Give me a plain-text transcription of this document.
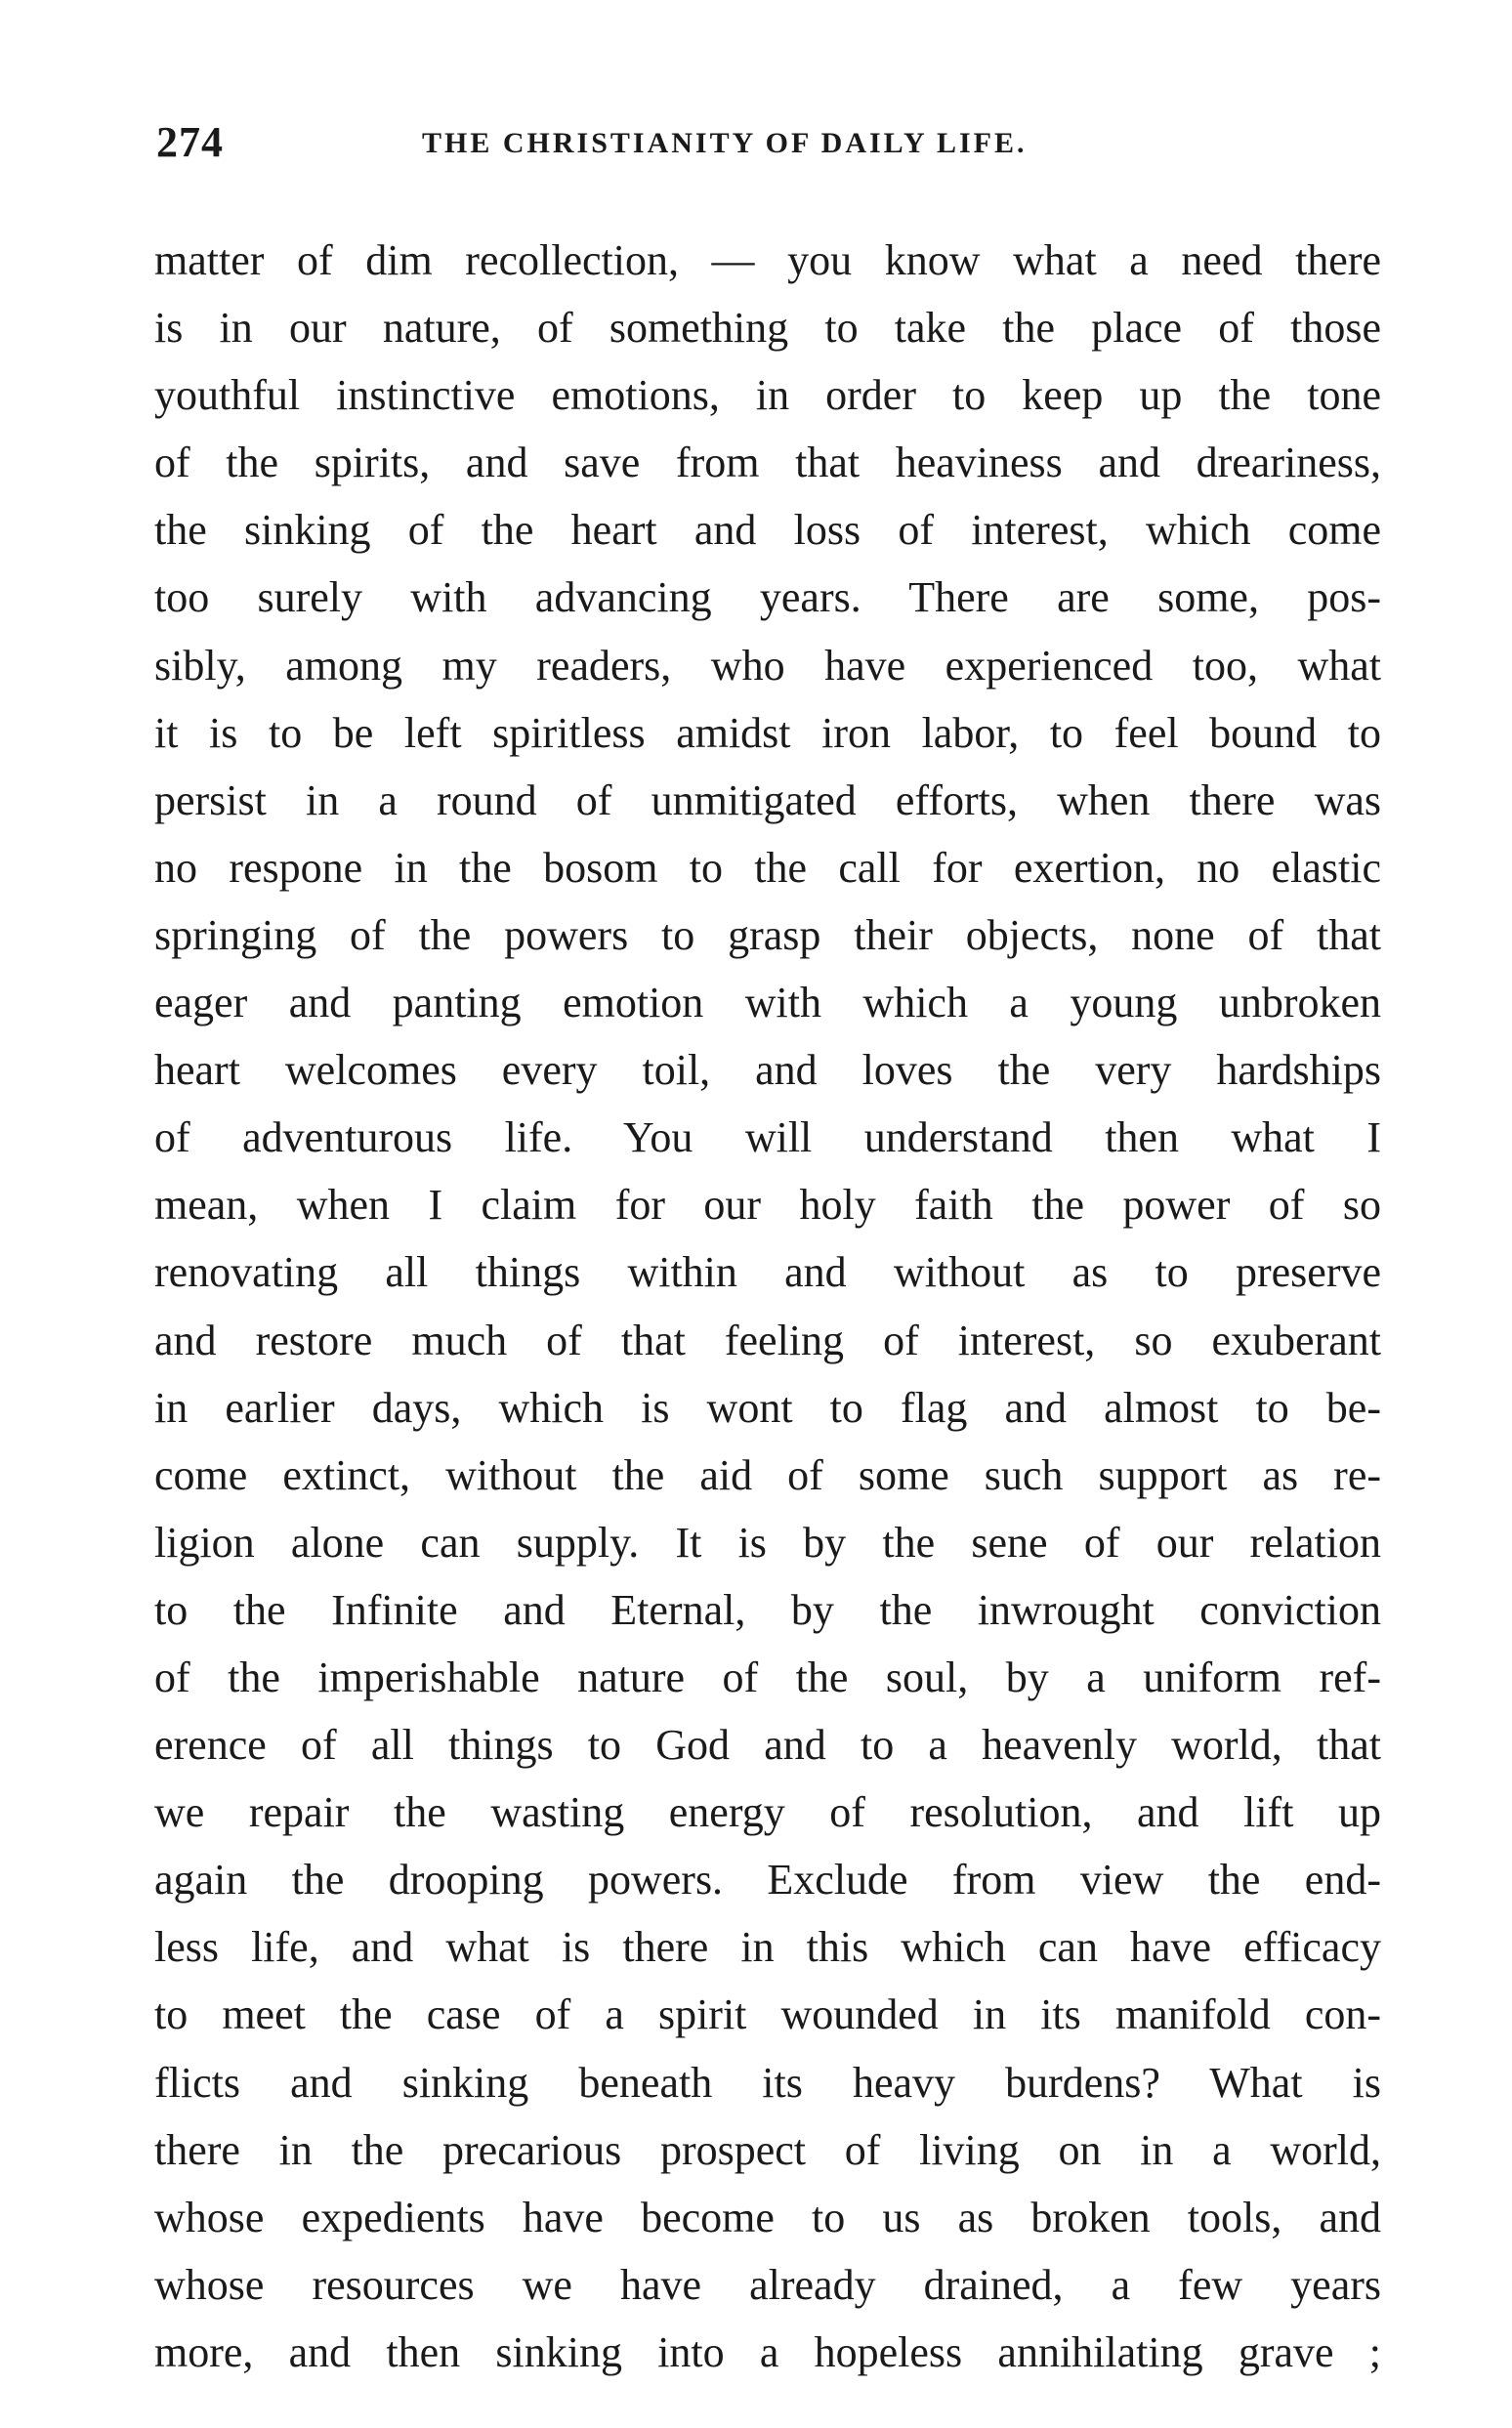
274	THE CHRISTIANITY OF DAILY LIFE.
matter of dim recollection, — you know what a need there
is in our nature, of something to take the place of those
youthful instinctive emotions, in order to keep up the tone
of the spirits, and save from that heaviness and dreariness,
the sinking of the heart and loss of interest, which come
too surely with advancing years. There are some, pos-
sibly, among my readers, who have experienced too, what
it is to be left spiritless amidst iron labor, to feel bound to
persist in a round of unmitigated efforts, when there was
no respone in the bosom to the call for exertion, no elastic
springing of the powers to grasp their objects, none of that
eager and panting emotion with which a young unbroken
heart welcomes every toil, and loves the very hardships
of adventurous life. You will understand then what I
mean, when I claim for our holy faith the power of so
renovating all things within and without as to preserve
and restore much of that feeling of interest, so exuberant
in earlier days, which is wont to flag and almost to be-
come extinct, without the aid of some such support as re-
ligion alone can supply. It is by the sene of our relation
to the Infinite and Eternal, by the inwrought conviction
of the imperishable nature of the soul, by a uniform ref-
erence of all things to God and to a heavenly world, that
we repair the wasting energy of resolution, and lift up
again the drooping powers. Exclude from view the end-
less life, and what is there in this which can have efficacy
to meet the case of a spirit wounded in its manifold con-
flicts and sinking beneath its heavy burdens? What is
there in the precarious prospect of living on in a world,
whose expedients have become to us as broken tools, and
whose resources we have already drained, a few years
more, and then sinking into a hopeless annihilating grave ;
